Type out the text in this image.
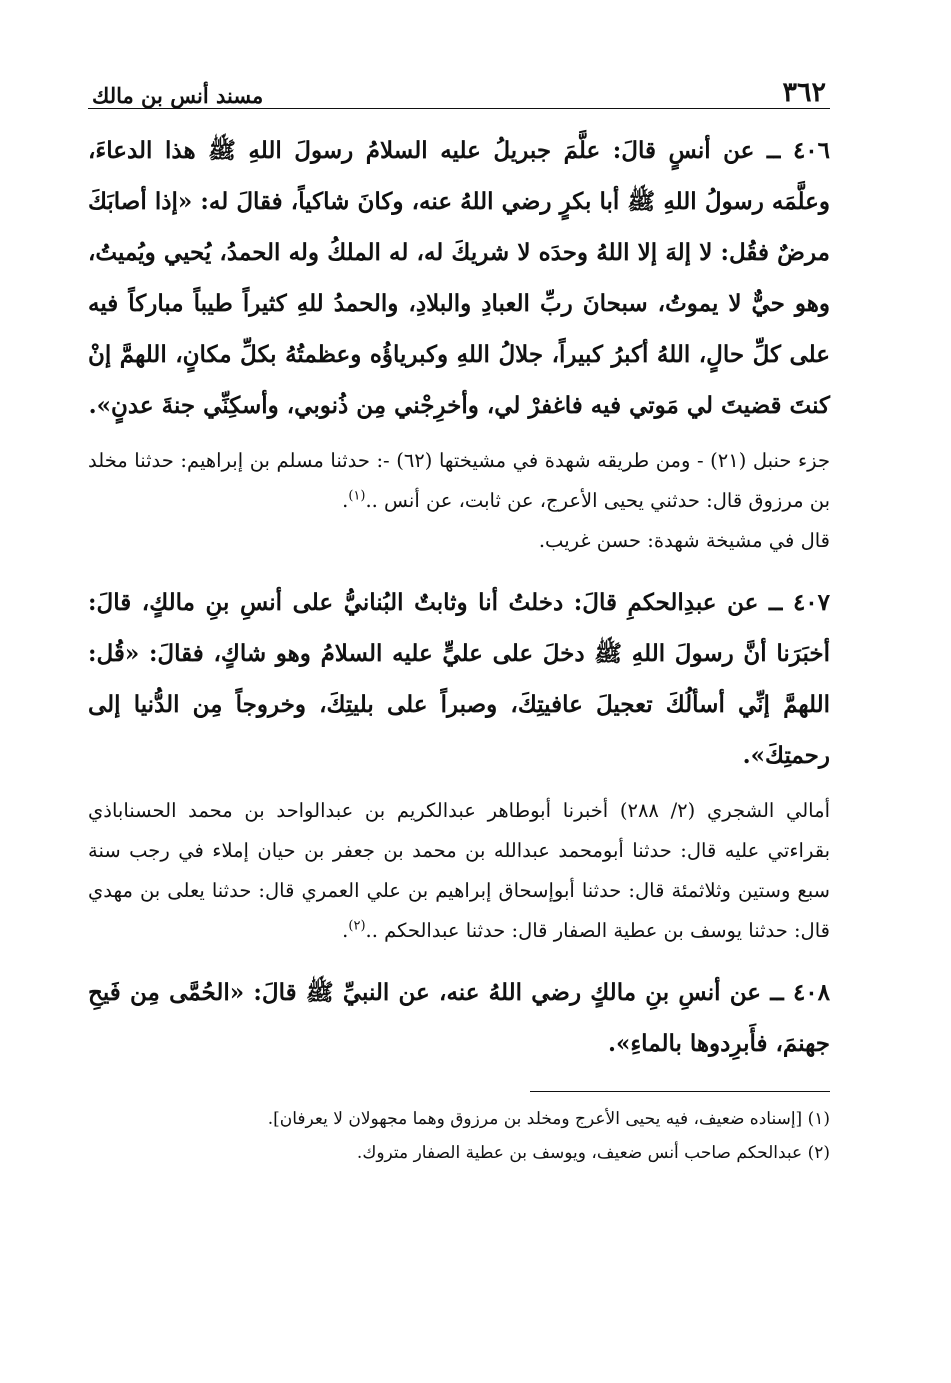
٣٦٢
مسند أنس بن مالك

٤٠٦ ــ عن أنسٍ قالَ: علَّمَ جبريلُ عليه السلامُ رسولَ اللهِ ﷺ هذا الدعاءَ، وعلَّمَه رسولُ اللهِ ﷺ أبا بكرٍ رضي اللهُ عنه، وكانَ شاكياً، فقالَ له: «إذا أصابَكَ مرضٌ فقُل: لا إلهَ إلا اللهُ وحدَه لا شريكَ له، له الملكُ وله الحمدُ، يُحيي ويُميتُ، وهو حيٌّ لا يموتُ، سبحانَ ربِّ العبادِ والبلادِ، والحمدُ للهِ كثيراً طيباً مباركاً فيه على كلِّ حالٍ، اللهُ أكبرُ كبيراً، جلالُ اللهِ وكبرياؤُه وعظمتُهُ بكلِّ مكانٍ، اللهمَّ إنْ كنتَ قضيتَ لي مَوتي فيه فاغفرْ لي، وأخرِجْني مِن ذُنوبي، وأسكِنِّي جنةَ عدنٍ».

جزء حنبل (٢١) - ومن طريقه شهدة في مشيختها (٦٢) -: حدثنا مسلم بن إبراهيم: حدثنا مخلد بن مرزوق قال: حدثني يحيى الأعرج، عن ثابت، عن أنس ..$^{(١)}$.

قال في مشيخة شهدة: حسن غريب.

٤٠٧ ــ عن عبدِالحكمِ قالَ: دخلتُ أنا وثابتٌ البُنانيُّ على أنسِ بنِ مالكٍ، قالَ: أخبَرَنا أنَّ رسولَ اللهِ ﷺ دخلَ على عليٍّ عليه السلامُ وهو شاكٍ، فقالَ: «قُل: اللهمَّ إنِّي أسألُكَ تعجيلَ عافيتِكَ، وصبراً على بليتِكَ، وخروجاً مِن الدُّنيا إلى رحمتِكَ».

أمالي الشجري (٢/ ٢٨٨) أخبرنا أبوطاهر عبدالكريم بن عبدالواحد بن محمد الحسناباذي بقراءتي عليه قال: حدثنا أبومحمد عبدالله بن محمد بن جعفر بن حيان إملاء في رجب سنة سبع وستين وثلاثمئة قال: حدثنا أبوإسحاق إبراهيم بن علي العمري قال: حدثنا يعلى بن مهدي قال: حدثنا يوسف بن عطية الصفار قال: حدثنا عبدالحكم ..$^{(٢)}$.

٤٠٨ ــ عن أنسِ بنِ مالكٍ رضي اللهُ عنه، عن النبيِّ ﷺ قالَ: «الحُمَّى مِن فَيحِ جهنمَ، فأَبرِدوها بالماءِ».

(١) [إسناده ضعيف، فيه يحيى الأعرج ومخلد بن مرزوق وهما مجهولان لا يعرفان].

(٢) عبدالحكم صاحب أنس ضعيف، ويوسف بن عطية الصفار متروك.
